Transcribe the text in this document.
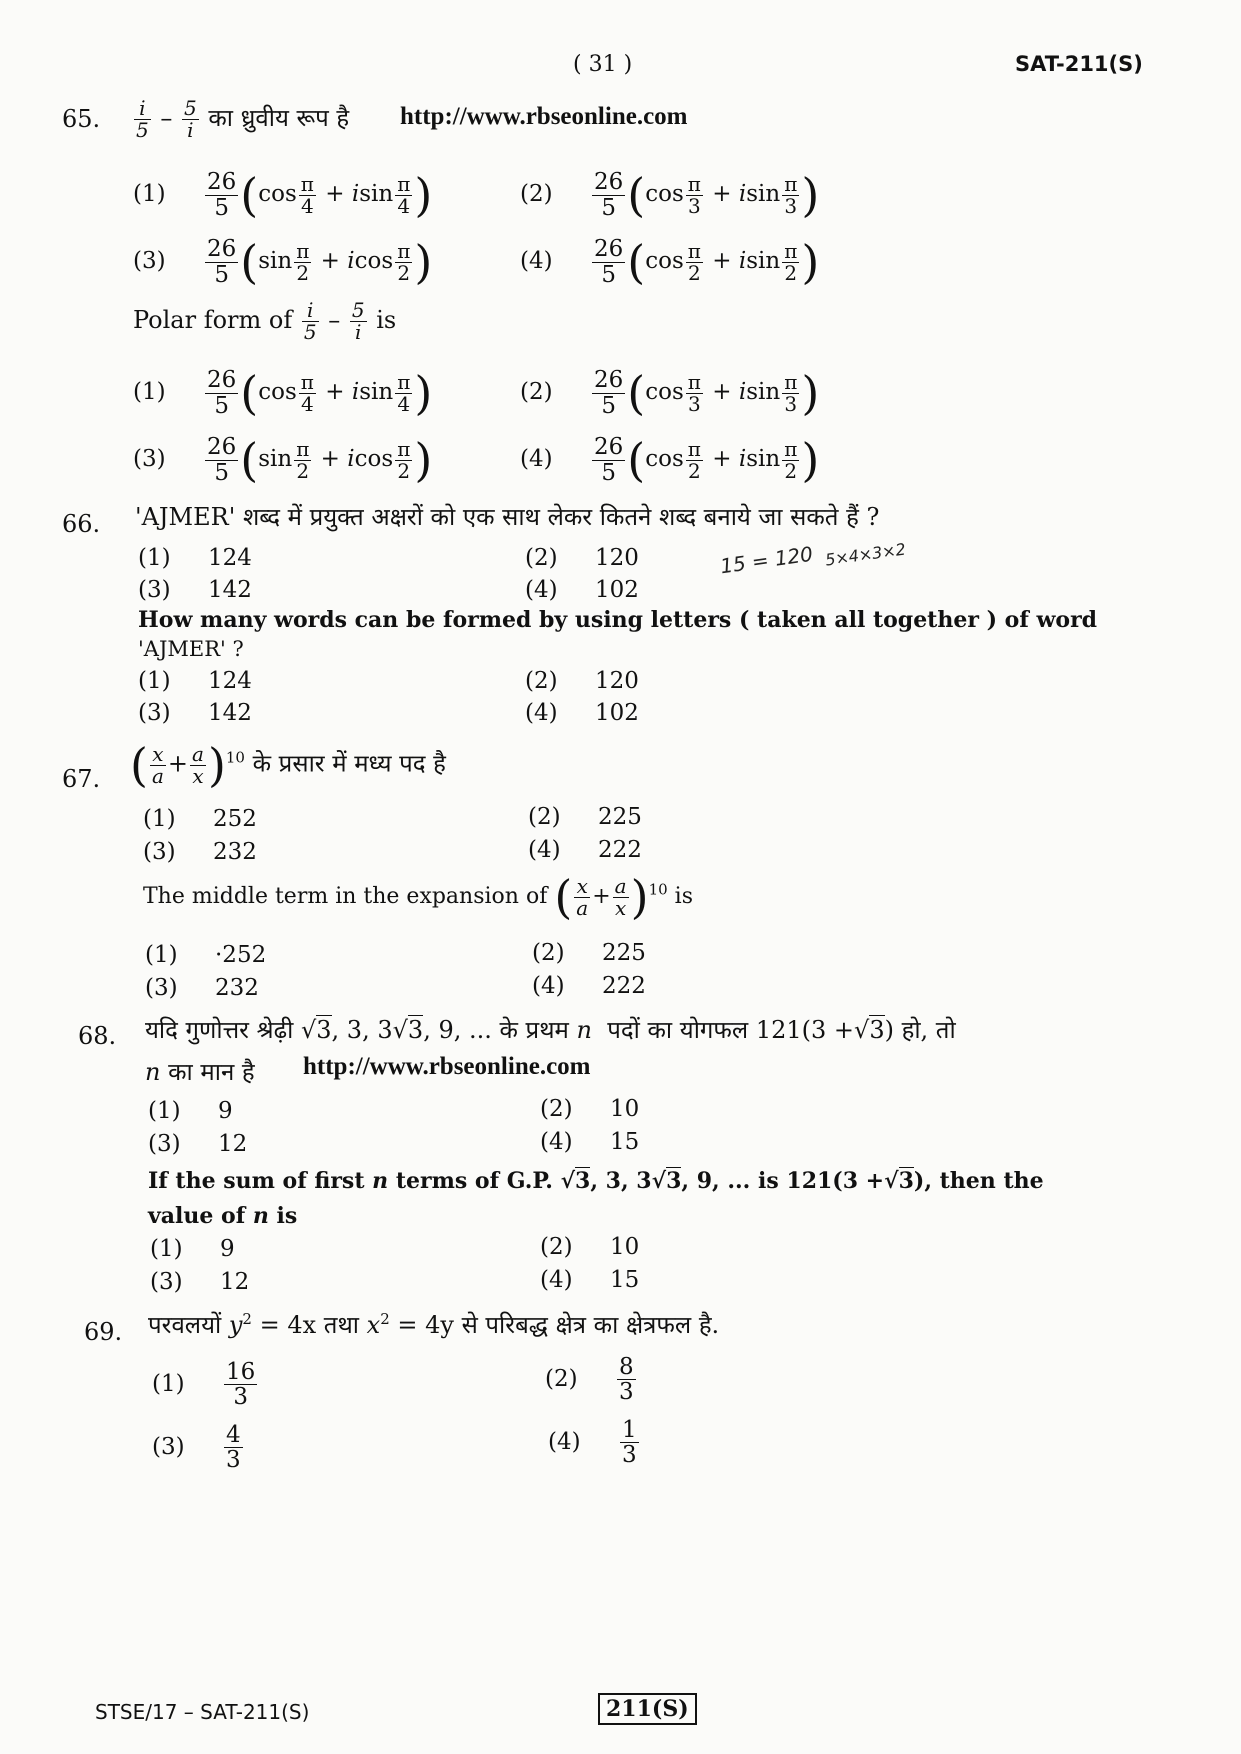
( 31 )	SAT-211(S)
65. $\frac{i}{5} - \frac{5}{i}$ का ध्रुवीय रूप है http://www.rbseonline.com
$(1) \frac{26}{5} (\cos \frac{\pi}{4} + isin \frac{\pi}{4}$ )	$(2) \frac{26}{5} (\cos \frac{\pi}{3} + isin \frac{\pi}{3}$ )
$(3) \frac{26}{5} (\sin \frac{\pi}{2} + icos \frac{\pi}{2}$ )	$(4) \frac{26}{5} (\cos \frac{\pi}{2} + isin \frac{\pi}{2}$ )
Polar form of $\frac{i}{5} - \frac{5}{i}$ is
$(1) \frac{26}{5} (\cos \frac{\pi}{4} + isin \frac{\pi}{4}$ )	$(2) \frac{26}{5} (\cos \frac{\pi}{3} + isin \frac{\pi}{3}$ )
$(3) \frac{26}{5} (\sin \frac{\pi}{2} + icos \frac{\pi}{2}$ )	$(4) \frac{26}{5} (\cos \frac{\pi}{2} + isin \frac{\pi}{2}$ )
66. 'AJMER' शब्द में प्रयुक्त अक्षरों को एक साथ लेकर कितने शब्द बनाये जा सकते हैं ?
(1) 124	(2) 120
(3) 142	(4) 102
15 = 120 5×4×3×2
How many words can be formed by using letters ( taken all together ) of word
'AJMER' ?
(1) 124	(2) 120
(3) 142	(4) 102
67. ( $\frac{x}{a} + \frac{a}{x} )^{10}$ के प्रसार में मध्य पद है
(1) 252	(2) 225
(3) 232	(4) 222
The middle term in the expansion of ( $\frac{x}{a} + \frac{a}{x} )^{10}$ is
(1) ·252	(2) 225
(3) 232	(4) 222
68. यदि गुणोत्तर श्रेढ़ी √3, 3, 3√3, 9, ... के प्रथम n पदों का योगफल 121(3 +√3) हो, तो
n का मान है http://www.rbseonline.com
(1) 9	(2) 10
(3) 12	(4) 15
If the sum of first n terms of G.P. √3, 3, 3√3, 9, ... is 121(3 +√3), then the
value of n is
(1) 9	(2) 10
(3) 12	(4) 15
69. परवलयों $y^2 = 4x$ तथा $x^2 = 4y$ से परिबद्ध क्षेत्र का क्षेत्रफल है.
$(1) \frac{16}{3}$	$(2) \frac{8}{3}$
$(3) \frac{4}{3}$	$(4) \frac{1}{3}$
STSE/17 – SAT-211(S)	211(S)
